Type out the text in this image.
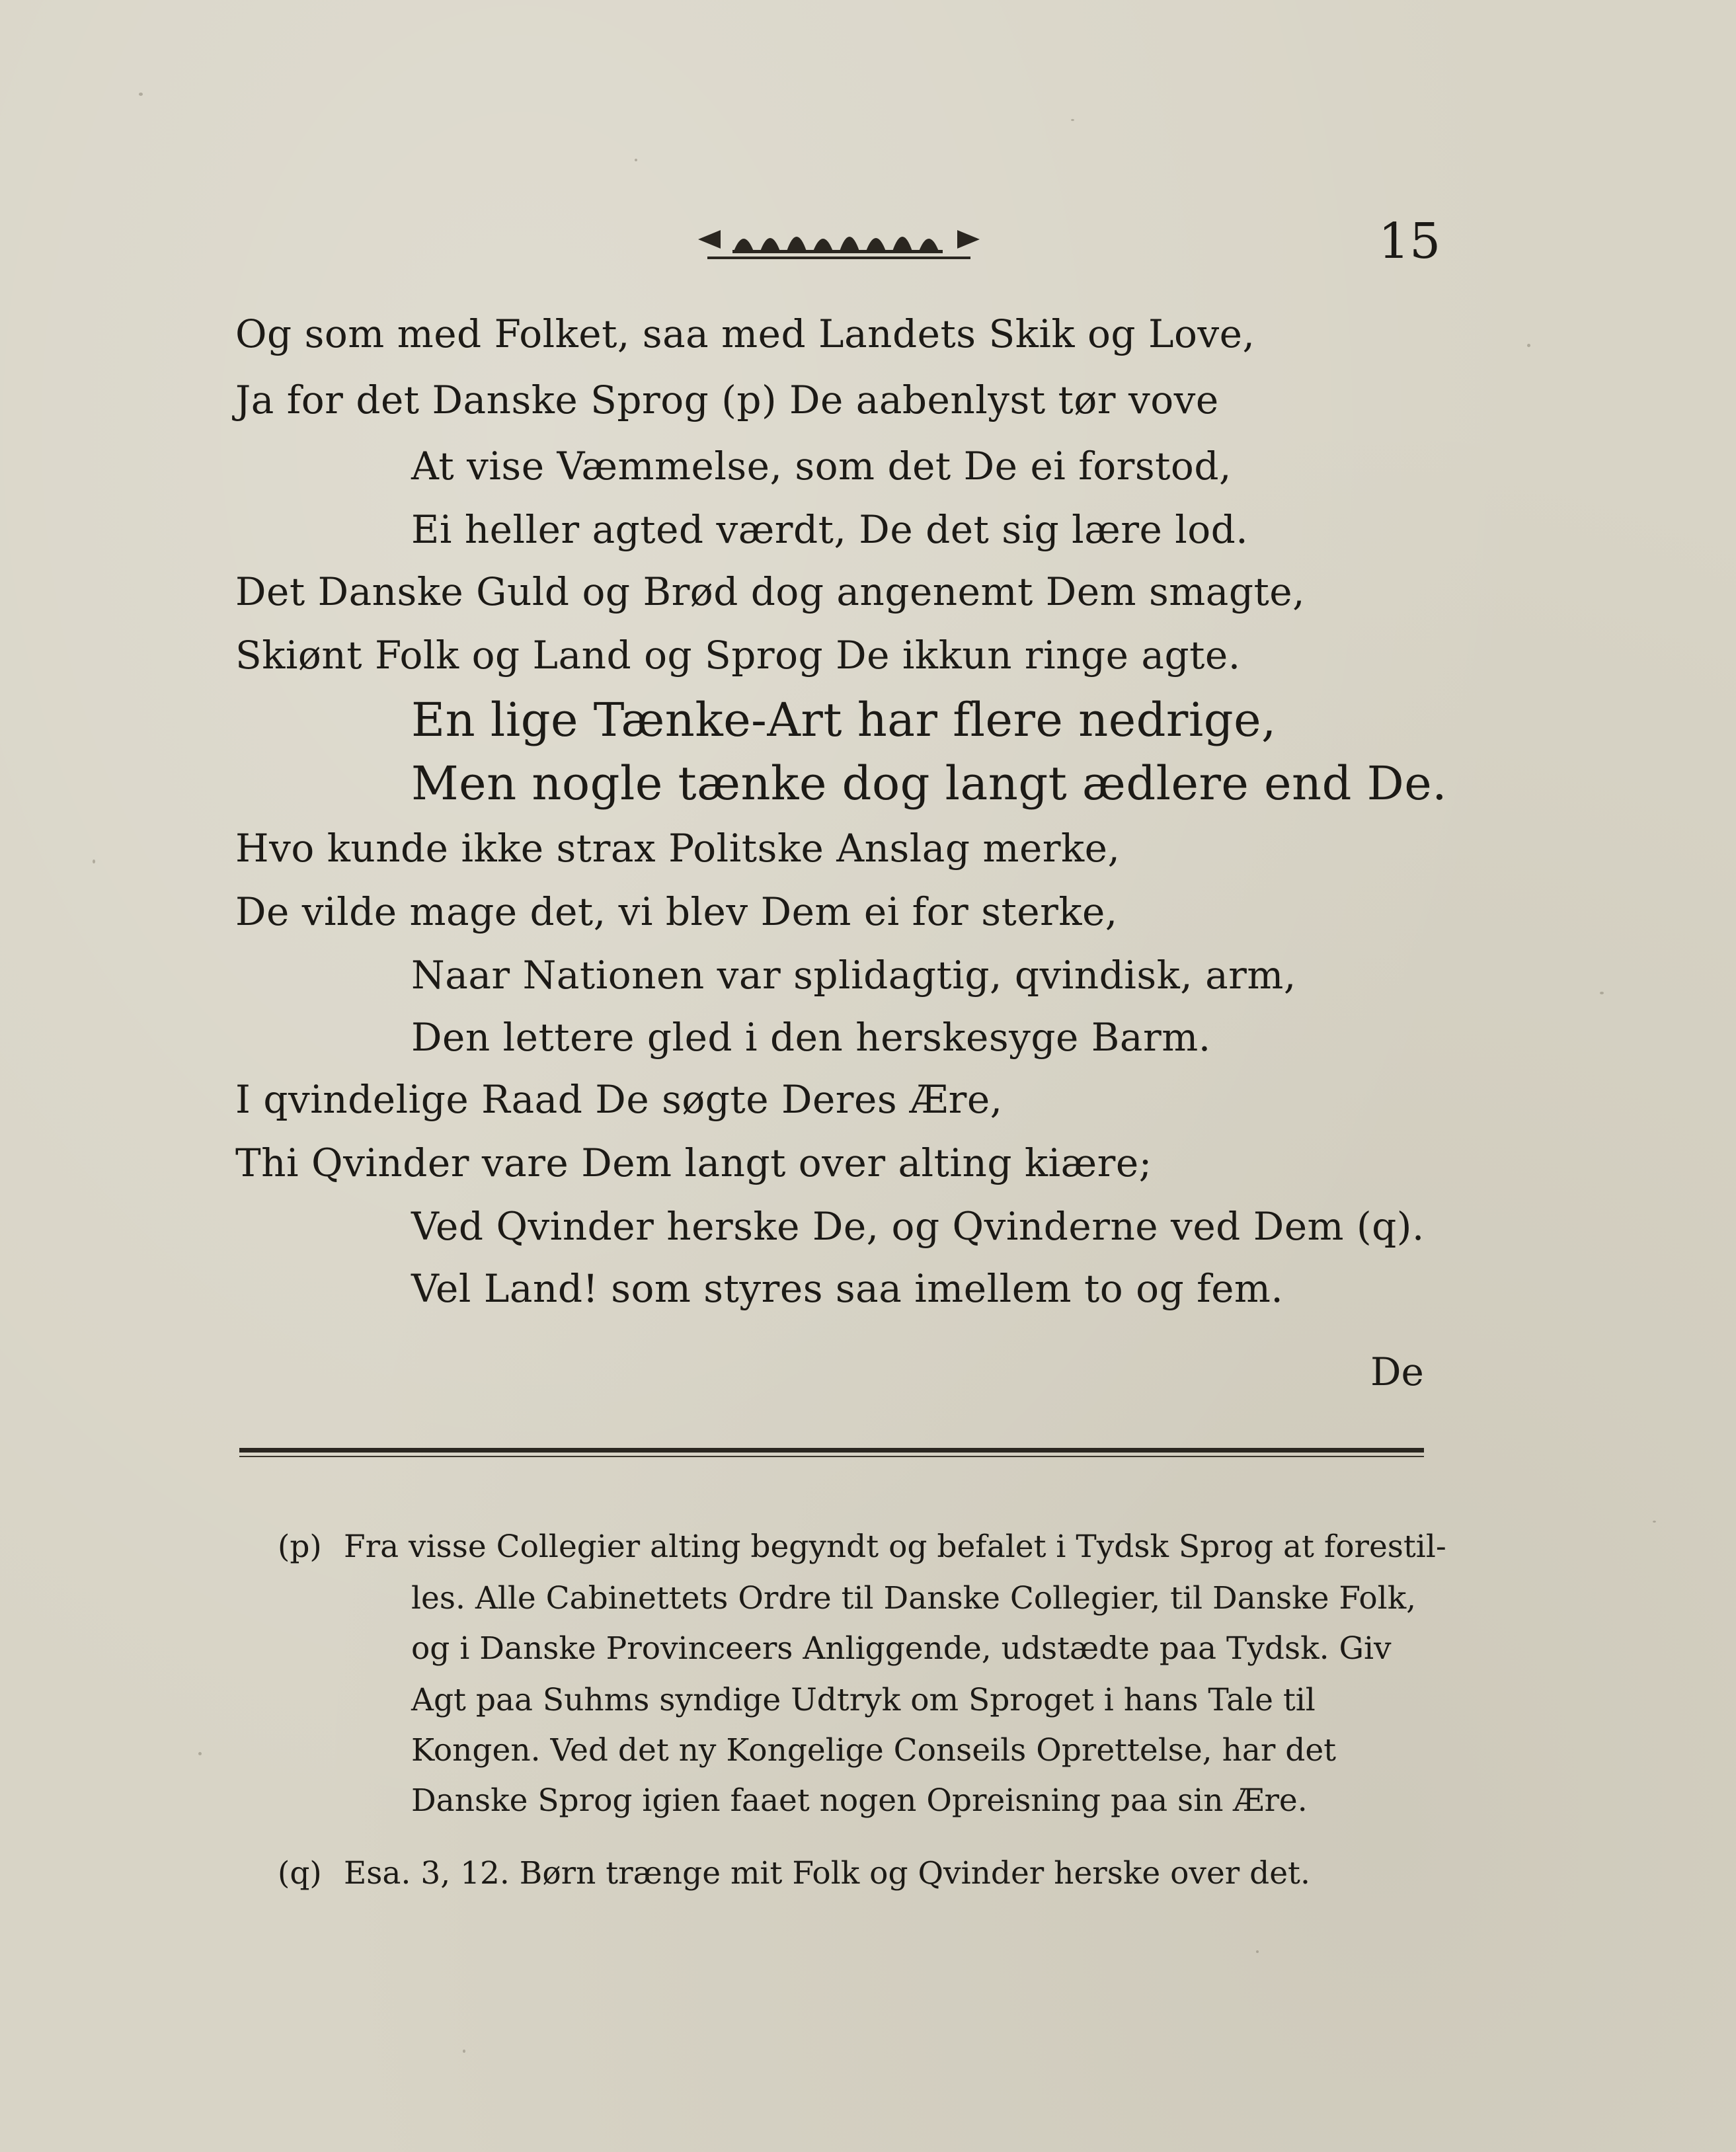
15
Og som med Folket, saa med Landets Skik og Love,
Ja for det Danske Sprog (p) De aabenlyst tør vove
At vise Væmmelse, som det De ei forstod,
Ei heller agted værdt, De det sig lære lod.
Det Danske Guld og Brød dog angenemt Dem smagte,
Skiønt Folk og Land og Sprog De ikkun ringe agte.
En lige Tænke-Art har flere nedrige,
Men nogle tænke dog langt ædlere end De.
Hvo kunde ikke strax Politske Anslag merke,
De vilde mage det, vi blev Dem ei for sterke,
Naar Nationen var splidagtig, qvindisk, arm,
Den lettere gled i den herskesyge Barm.
I qvindelige Raad De søgte Deres Ære,
Thi Qvinder vare Dem langt over alting kiære;
Ved Qvinder herske De, og Qvinderne ved Dem (q).
Vel Land! som styres saa imellem to og fem.
De
(p) Fra visse Collegier alting begyndt og befalet i Tydsk Sprog at forestil-
les. Alle Cabinettets Ordre til Danske Collegier, til Danske Folk,
og i Danske Provinceers Anliggende, udstædte paa Tydsk. Giv
Agt paa Suhms syndige Udtryk om Sproget i hans Tale til
Kongen. Ved det ny Kongelige Conseils Oprettelse, har det
Danske Sprog igien faaet nogen Opreisning paa sin Ære.
(q) Esa. 3, 12. Børn trænge mit Folk og Qvinder herske over det.
